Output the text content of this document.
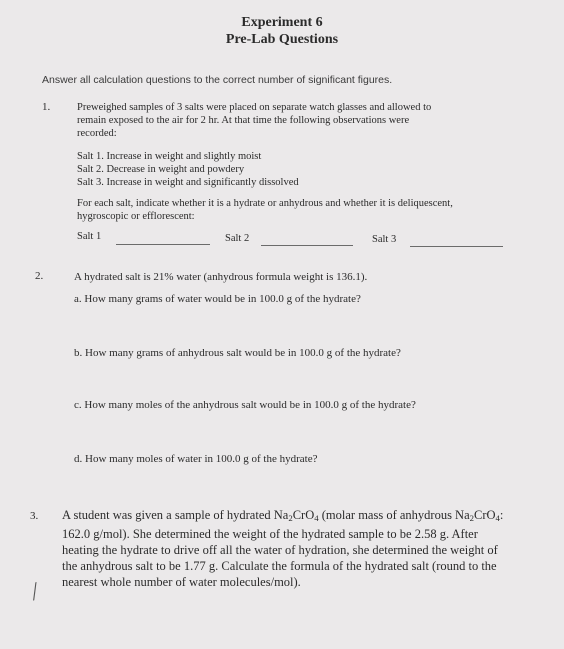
Experiment 6
Pre-Lab Questions
Answer all calculation questions to the correct number of significant figures.
1.	Preweighed samples of 3 salts were placed on separate watch glasses and allowed to

remain exposed to the air for 2 hr. At that time the following observations were

recorded:

Salt 1. Increase in weight and slightly moist

Salt 2. Decrease in weight and powdery

Salt 3. Increase in weight and significantly dissolved

For each salt, indicate whether it is a hydrate or anhydrous and whether it is deliquescent,

hygroscopic or efflorescent:

Salt 1	Salt 2	Salt 3
2.	A hydrated salt is 21% water (anhydrous formula weight is 136.1).
a. How many grams of water would be in 100.0 g of the hydrate?
b. How many grams of anhydrous salt would be in 100.0 g of the hydrate?
c. How many moles of the anhydrous salt would be in 100.0 g of the hydrate?
d. How many moles of water in 100.0 g of the hydrate?
3. A student was given a sample of hydrated $Na_2CrO_4$ (molar mass of anhydrous $Na_2CrO_4$:

162.0 g/mol). She determined the weight of the hydrated sample to be 2.58 g. After

heating the hydrate to drive off all the water of hydration, she determined the weight of

the anhydrous salt to be 1.77 g. Calculate the formula of the hydrated salt (round to the

nearest whole number of water molecules/mol).

╱
